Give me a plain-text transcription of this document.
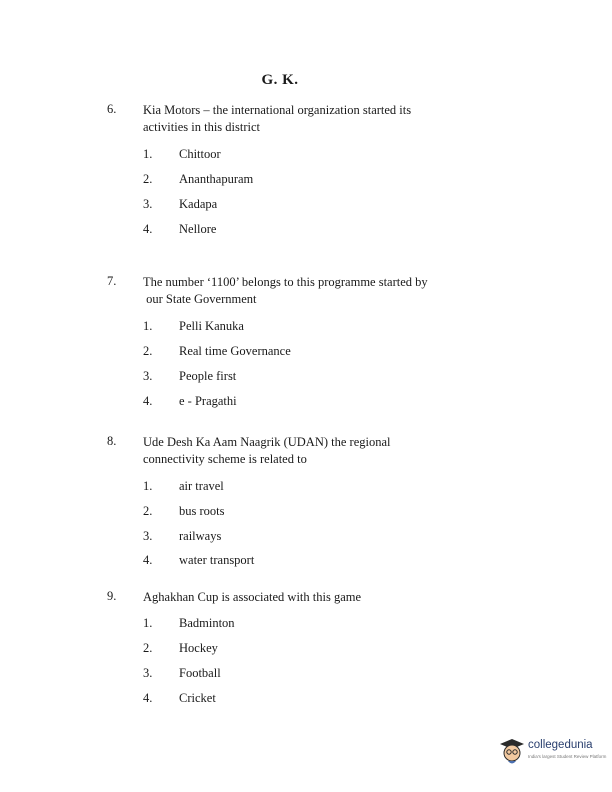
G. K.
6. Kia Motors – the international organization started its
activities in this district
1. Chittoor
2. Ananthapuram
3. Kadapa
4. Nellore
7. The number ‘1100’ belongs to this programme started by
our State Government
1. Pelli Kanuka
2. Real time Governance
3. People first
4. e - Pragathi
8. Ude Desh Ka Aam Naagrik (UDAN) the regional
connectivity scheme is related to
1. air travel
2. bus roots
3. railways
4. water transport
9. Aghakhan Cup is associated with this game
1. Badminton
2. Hockey
3. Football
4. Cricket
collegedunia
India's largest Student Review Platform
